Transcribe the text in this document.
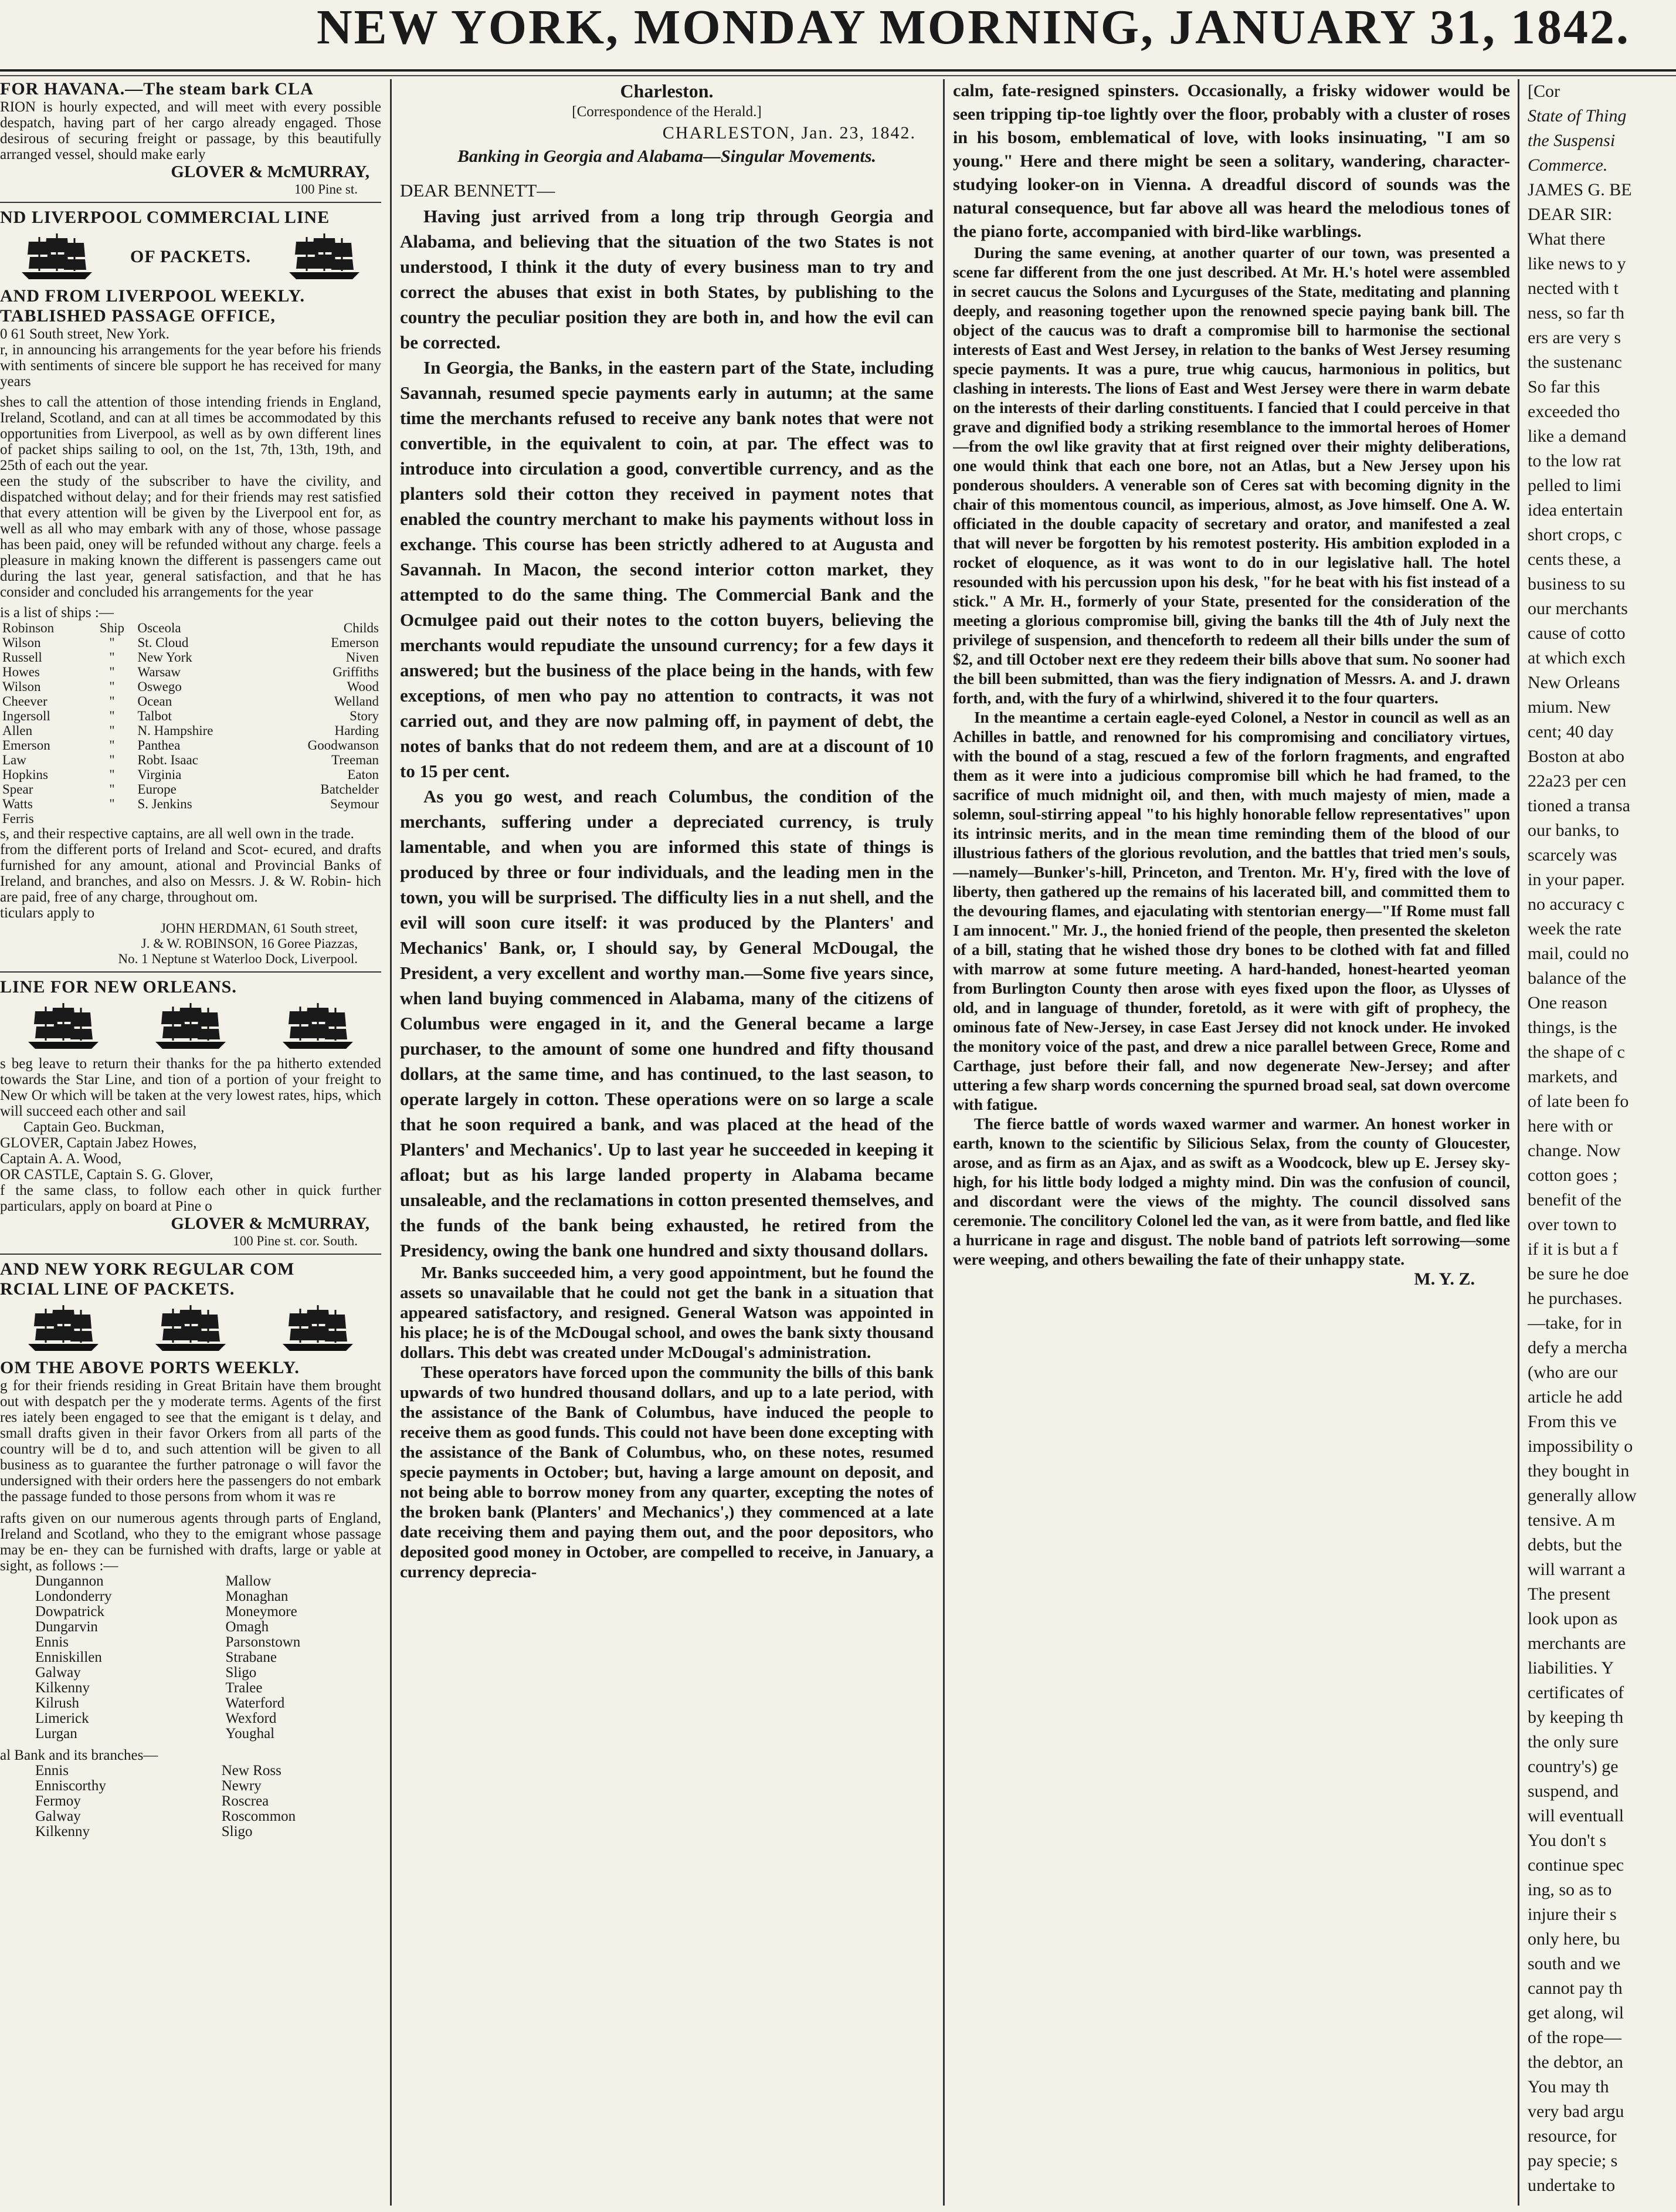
NEW YORK, MONDAY MORNING, JANUARY 31, 1842.

FOR HAVANA.—The steam bark CLA

RION is hourly expected, and will meet with every possible despatch, having part of her cargo already engaged. Those desirous of securing freight or passage, by this beautifully arranged vessel, should make early

GLOVER & McMURRAY,

100 Pine st.

ND LIVERPOOL COMMERCIAL LINE

OF PACKETS.

AND FROM LIVERPOOL WEEKLY.

TABLISHED PASSAGE OFFICE,

0 61 South street, New York.

r, in announcing his arrangements for the year before his friends with sentiments of sincere ble support he has received for many years

shes to call the attention of those intending friends in England, Ireland, Scotland, and can at all times be accommodated by this opportunities from Liverpool, as well as by own different lines of packet ships sailing to ool, on the 1st, 7th, 13th, 19th, and 25th of each out the year.

een the study of the subscriber to have the civility, and dispatched without delay; and for their friends may rest satisfied that every attention will be given by the Liverpool ent for, as well as all who may embark with any of those, whose passage has been paid, oney will be refunded without any charge. feels a pleasure in making known the different is passengers came out during the last year, general satisfaction, and that he has consider and concluded his arrangements for the year

is a list of ships :—

Robinson	Ship	Osceola	Childs
Wilson	"	St. Cloud	Emerson
Russell	"	New York	Niven
Howes	"	Warsaw	Griffiths
Wilson	"	Oswego	Wood
Cheever	"	Ocean	Welland
Ingersoll	"	Talbot	Story
Allen	"	N. Hampshire	Harding
Emerson	"	Panthea	Goodwanson
Law	"	Robt. Isaac	Treeman
Hopkins	"	Virginia	Eaton
Spear	"	Europe	Batchelder
Watts	"	S. Jenkins	Seymour
Ferris			

s, and their respective captains, are all well own in the trade.

from the different ports of Ireland and Scot- ecured, and drafts furnished for any amount, ational and Provincial Banks of Ireland, and branches, and also on Messrs. J. & W. Robin- hich are paid, free of any charge, throughout om.

ticulars apply to

JOHN HERDMAN, 61 South street,

J. & W. ROBINSON, 16 Goree Piazzas,

No. 1 Neptune st Waterloo Dock, Liverpool.

LINE FOR NEW ORLEANS.

s beg leave to return their thanks for the pa hitherto extended towards the Star Line, and tion of a portion of your freight to New Or which will be taken at the very lowest rates, hips, which will succeed each other and sail

Captain Geo. Buckman,

GLOVER, Captain Jabez Howes,

Captain A. A. Wood,

OR CASTLE, Captain S. G. Glover,

f the same class, to follow each other in quick further particulars, apply on board at Pine o

GLOVER & McMURRAY,

100 Pine st. cor. South.

AND NEW YORK REGULAR COM

RCIAL LINE OF PACKETS.

OM THE ABOVE PORTS WEEKLY.

g for their friends residing in Great Britain have them brought out with despatch per the y moderate terms. Agents of the first res iately been engaged to see that the emigant is t delay, and small drafts given in their favor Orkers from all parts of the country will be d to, and such attention will be given to all business as to guarantee the further patronage o will favor the undersigned with their orders here the passengers do not embark the passage funded to those persons from whom it was re

rafts given on our numerous agents through parts of England, Ireland and Scotland, who they to the emigrant whose passage may be en- they can be furnished with drafts, large or yable at sight, as follows :—

Dungannon	Mallow
Londonderry	Monaghan
Dowpatrick	Moneymore
Dungarvin	Omagh
Ennis	Parsonstown
Enniskillen	Strabane
Galway	Sligo
Kilkenny	Tralee
Kilrush	Waterford
Limerick	Wexford
Lurgan	Youghal

al Bank and its branches—

Ennis	New Ross
Enniscorthy	Newry
Fermoy	Roscrea
Galway	Roscommon
Kilkenny	Sligo

Charleston.

[Correspondence of the Herald.]

CHARLESTON, Jan. 23, 1842.

Banking in Georgia and Alabama—Singular Movements.

DEAR BENNETT—

Having just arrived from a long trip through Georgia and Alabama, and believing that the situation of the two States is not understood, I think it the duty of every business man to try and correct the abuses that exist in both States, by publishing to the country the peculiar position they are both in, and how the evil can be corrected.

In Georgia, the Banks, in the eastern part of the State, including Savannah, resumed specie payments early in autumn; at the same time the merchants refused to receive any bank notes that were not convertible, in the equivalent to coin, at par. The effect was to introduce into circulation a good, convertible currency, and as the planters sold their cotton they received in payment notes that enabled the country merchant to make his payments without loss in exchange. This course has been strictly adhered to at Augusta and Savannah. In Macon, the second interior cotton market, they attempted to do the same thing. The Commercial Bank and the Ocmulgee paid out their notes to the cotton buyers, believing the merchants would repudiate the unsound currency; for a few days it answered; but the business of the place being in the hands, with few exceptions, of men who pay no attention to contracts, it was not carried out, and they are now palming off, in payment of debt, the notes of banks that do not redeem them, and are at a discount of 10 to 15 per cent.

As you go west, and reach Columbus, the condition of the merchants, suffering under a depreciated currency, is truly lamentable, and when you are informed this state of things is produced by three or four individuals, and the leading men in the town, you will be surprised. The difficulty lies in a nut shell, and the evil will soon cure itself: it was produced by the Planters' and Mechanics' Bank, or, I should say, by General McDougal, the President, a very excellent and worthy man.—Some five years since, when land buying commenced in Alabama, many of the citizens of Columbus were engaged in it, and the General became a large purchaser, to the amount of some one hundred and fifty thousand dollars, at the same time, and has continued, to the last season, to operate largely in cotton. These operations were on so large a scale that he soon required a bank, and was placed at the head of the Planters' and Mechanics'. Up to last year he succeeded in keeping it afloat; but as his large landed property in Alabama became unsaleable, and the reclamations in cotton presented themselves, and the funds of the bank being exhausted, he retired from the Presidency, owing the bank one hundred and sixty thousand dollars.

Mr. Banks succeeded him, a very good appointment, but he found the assets so unavailable that he could not get the bank in a situation that appeared satisfactory, and resigned. General Watson was appointed in his place; he is of the McDougal school, and owes the bank sixty thousand dollars. This debt was created under McDougal's administration.

These operators have forced upon the community the bills of this bank upwards of two hundred thousand dollars, and up to a late period, with the assistance of the Bank of Columbus, have induced the people to receive them as good funds. This could not have been done excepting with the assistance of the Bank of Columbus, who, on these notes, resumed specie payments in October; but, having a large amount on deposit, and not being able to borrow money from any quarter, excepting the notes of the broken bank (Planters' and Mechanics',) they commenced at a late date receiving them and paying them out, and the poor depositors, who deposited good money in October, are compelled to receive, in January, a currency deprecia-

calm, fate-resigned spinsters. Occasionally, a frisky widower would be seen tripping tip-toe lightly over the floor, probably with a cluster of roses in his bosom, emblematical of love, with looks insinuating, "I am so young." Here and there might be seen a solitary, wandering, character-studying looker-on in Vienna. A dreadful discord of sounds was the natural consequence, but far above all was heard the melodious tones of the piano forte, accompanied with bird-like warblings.

During the same evening, at another quarter of our town, was presented a scene far different from the one just described. At Mr. H.'s hotel were assembled in secret caucus the Solons and Lycurguses of the State, meditating and planning deeply, and reasoning together upon the renowned specie paying bank bill. The object of the caucus was to draft a compromise bill to harmonise the sectional interests of East and West Jersey, in relation to the banks of West Jersey resuming specie payments. It was a pure, true whig caucus, harmonious in politics, but clashing in interests. The lions of East and West Jersey were there in warm debate on the interests of their darling constituents. I fancied that I could perceive in that grave and dignified body a striking resemblance to the immortal heroes of Homer—from the owl like gravity that at first reigned over their mighty deliberations, one would think that each one bore, not an Atlas, but a New Jersey upon his ponderous shoulders. A venerable son of Ceres sat with becoming dignity in the chair of this momentous council, as imperious, almost, as Jove himself. One A. W. officiated in the double capacity of secretary and orator, and manifested a zeal that will never be forgotten by his remotest posterity. His ambition exploded in a rocket of eloquence, as it was wont to do in our legislative hall. The hotel resounded with his percussion upon his desk, "for he beat with his fist instead of a stick." A Mr. H., formerly of your State, presented for the consideration of the meeting a glorious compromise bill, giving the banks till the 4th of July next the privilege of suspension, and thenceforth to redeem all their bills under the sum of $2, and till October next ere they redeem their bills above that sum. No sooner had the bill been submitted, than was the fiery indignation of Messrs. A. and J. drawn forth, and, with the fury of a whirlwind, shivered it to the four quarters.

In the meantime a certain eagle-eyed Colonel, a Nestor in council as well as an Achilles in battle, and renowned for his compromising and conciliatory virtues, with the bound of a stag, rescued a few of the forlorn fragments, and engrafted them as it were into a judicious compromise bill which he had framed, to the sacrifice of much midnight oil, and then, with much majesty of mien, made a solemn, soul-stirring appeal "to his highly honorable fellow representatives" upon its intrinsic merits, and in the mean time reminding them of the blood of our illustrious fathers of the glorious revolution, and the battles that tried men's souls,—namely—Bunker's-hill, Princeton, and Trenton. Mr. H'y, fired with the love of liberty, then gathered up the remains of his lacerated bill, and committed them to the devouring flames, and ejaculating with stentorian energy—"If Rome must fall I am innocent." Mr. J., the honied friend of the people, then presented the skeleton of a bill, stating that he wished those dry bones to be clothed with fat and filled with marrow at some future meeting. A hard-handed, honest-hearted yeoman from Burlington County then arose with eyes fixed upon the floor, as Ulysses of old, and in language of thunder, foretold, as it were with gift of prophecy, the ominous fate of New-Jersey, in case East Jersey did not knock under. He invoked the monitory voice of the past, and drew a nice parallel between Grece, Rome and Carthage, just before their fall, and now degenerate New-Jersey; and after uttering a few sharp words concerning the spurned broad seal, sat down overcome with fatigue.

The fierce battle of words waxed warmer and warmer. An honest worker in earth, known to the scientific by Silicious Selax, from the county of Gloucester, arose, and as firm as an Ajax, and as swift as a Woodcock, blew up E. Jersey sky-high, for his little body lodged a mighty mind. Din was the confusion of council, and discordant were the views of the mighty. The council dissolved sans ceremonie. The concilitory Colonel led the van, as it were from battle, and fled like a hurricane in rage and disgust. The noble band of patriots left sorrowing—some were weeping, and others bewailing the fate of their unhappy state.

M. Y. Z.

[Cor

State of Thing

the Suspensi

Commerce.

JAMES G. BE

DEAR SIR:

What there

like news to y

nected with t

ness, so far th

ers are very s

the sustenanc

So far this

exceeded tho

like a demand

to the low rat

pelled to limi

idea entertain

short crops, c

cents these, a

business to su

our merchants

cause of cotto

at which exch

New Orleans

mium. New

cent; 40 day

Boston at abo

22a23 per cen

tioned a transa

our banks, to

scarcely was

in your paper.

no accuracy c

week the rate

mail, could no

balance of the

One reason

things, is the

the shape of c

markets, and

of late been fo

here with or

change. Now

cotton goes ;

benefit of the

over town to

if it is but a f

be sure he doe

he purchases.

—take, for in

defy a mercha

(who are our

article he add

From this ve

impossibility o

they bought in

generally allow

tensive. A m

debts, but the

will warrant a

The present

look upon as

merchants are

liabilities. Y

certificates of

by keeping th

the only sure

country's) ge

suspend, and

will eventuall

You don't s

continue spec

ing, so as to

injure their s

only here, bu

south and we

cannot pay th

get along, wil

of the rope—

the debtor, an

You may th

very bad argu

resource, for

pay specie; s

undertake to
